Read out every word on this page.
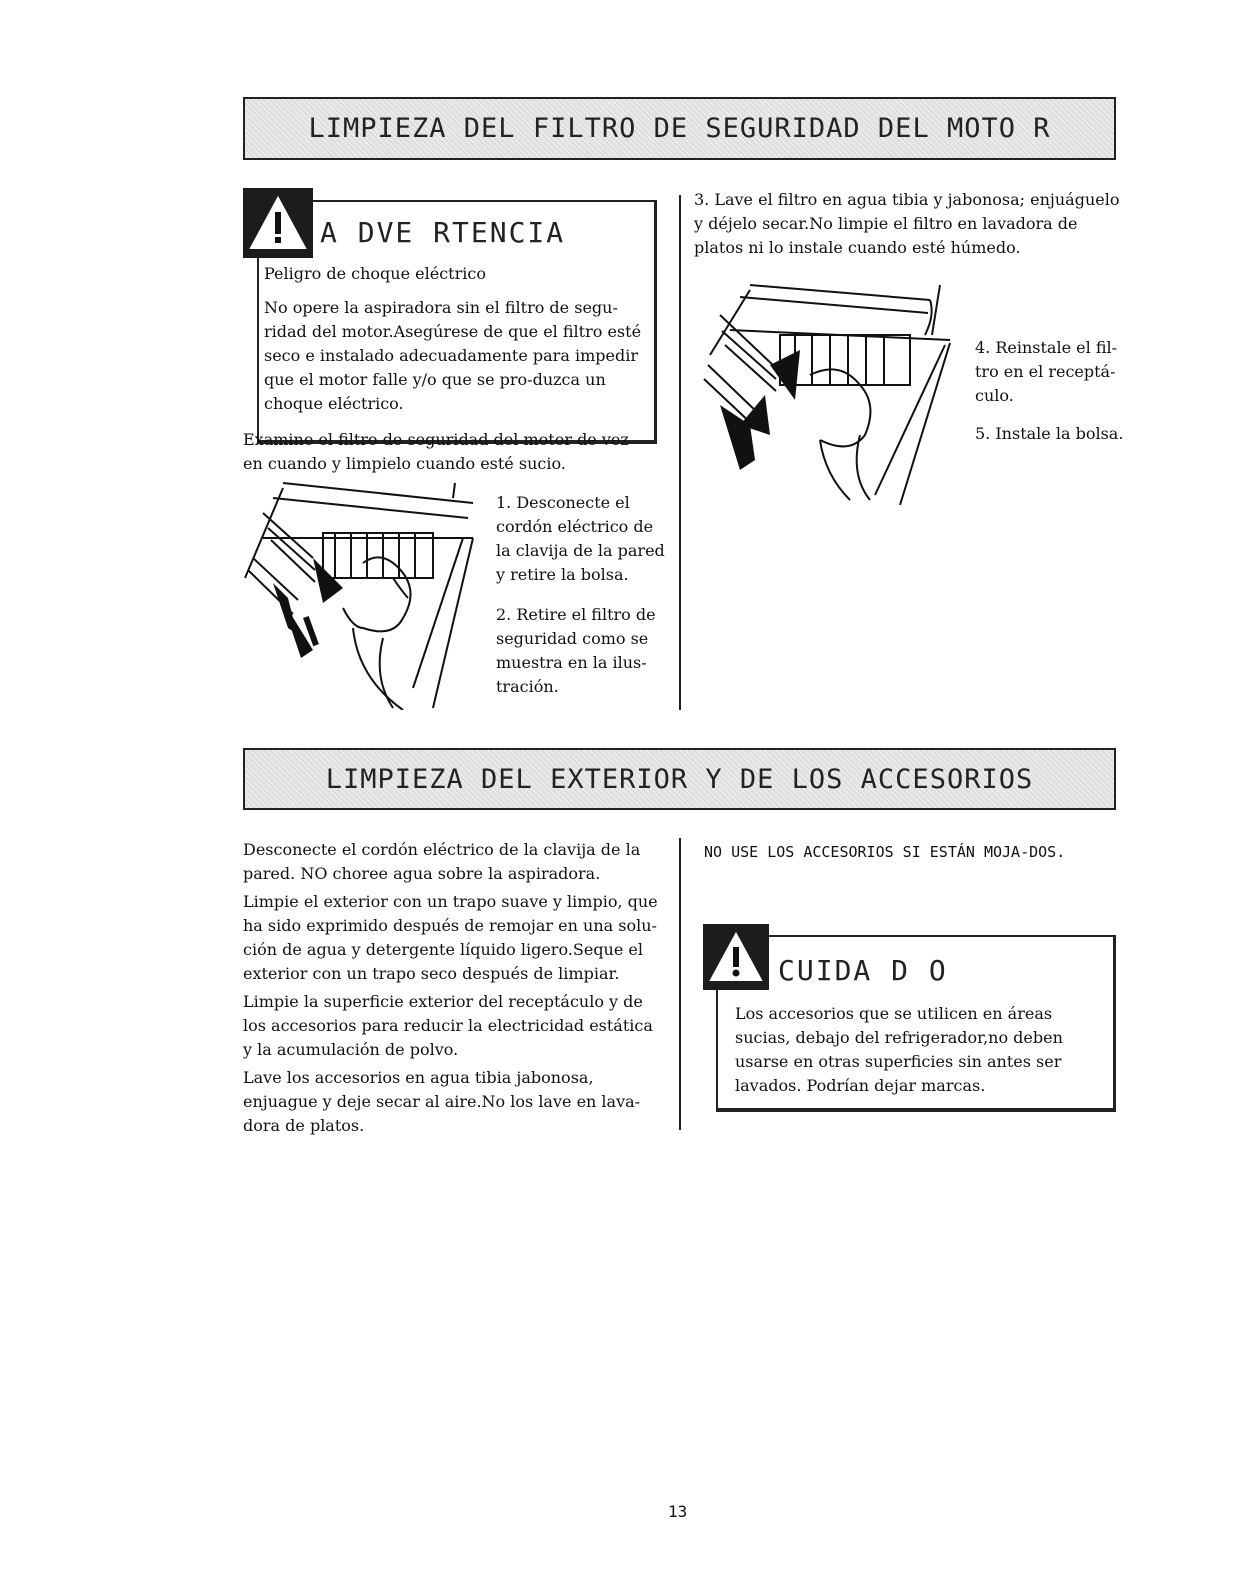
LIMPIEZA DEL FILTRO DE SEGURIDAD DEL MOTO R
A DVE RTENCIA

Peligro de choque eléctrico

No opere la aspiradora sin el filtro de segu-ridad del motor.Asegúrese de que el filtro esté seco e instalado adecuadamente para impedir que el motor falle y/o que se pro-duzca un choque eléctrico.

Examine el filtro de seguridad del motor de vez en cuando y limpielo cuando esté sucio.

1. Desconecte el cordón eléctrico de la clavija de la pared y retire la bolsa.

2. Retire el filtro de seguridad como se muestra en la ilus-tración.

3. Lave el filtro en agua tibia y jabonosa; enjuáguelo y déjelo secar.No limpie el filtro en lavadora de platos ni lo instale cuando esté húmedo.

4. Reinstale el fil-tro en el receptá-culo.

5. Instale la bolsa.

LIMPIEZA DEL EXTERIOR Y DE LOS ACCESORIOS

Desconecte el cordón eléctrico de la clavija de la pared. NO choree agua sobre la aspiradora.

Limpie el exterior con un trapo suave y limpio, que ha sido exprimido después de remojar en una solu-ción de agua y detergente líquido ligero.Seque el exterior con un trapo seco después de limpiar.

Limpie la superficie exterior del receptáculo y de los accesorios para reducir la electricidad estática y la acumulación de polvo.

Lave los accesorios en agua tibia jabonosa, enjuague y deje secar al aire.No los lave en lava-dora de platos.

NO USE LOS ACCESORIOS SI ESTÁN MOJA-DOS.

CUIDA D O

Los accesorios que se utilicen en áreas sucias, debajo del refrigerador,no deben usarse en otras superficies sin antes ser lavados. Podrían dejar marcas.

13
